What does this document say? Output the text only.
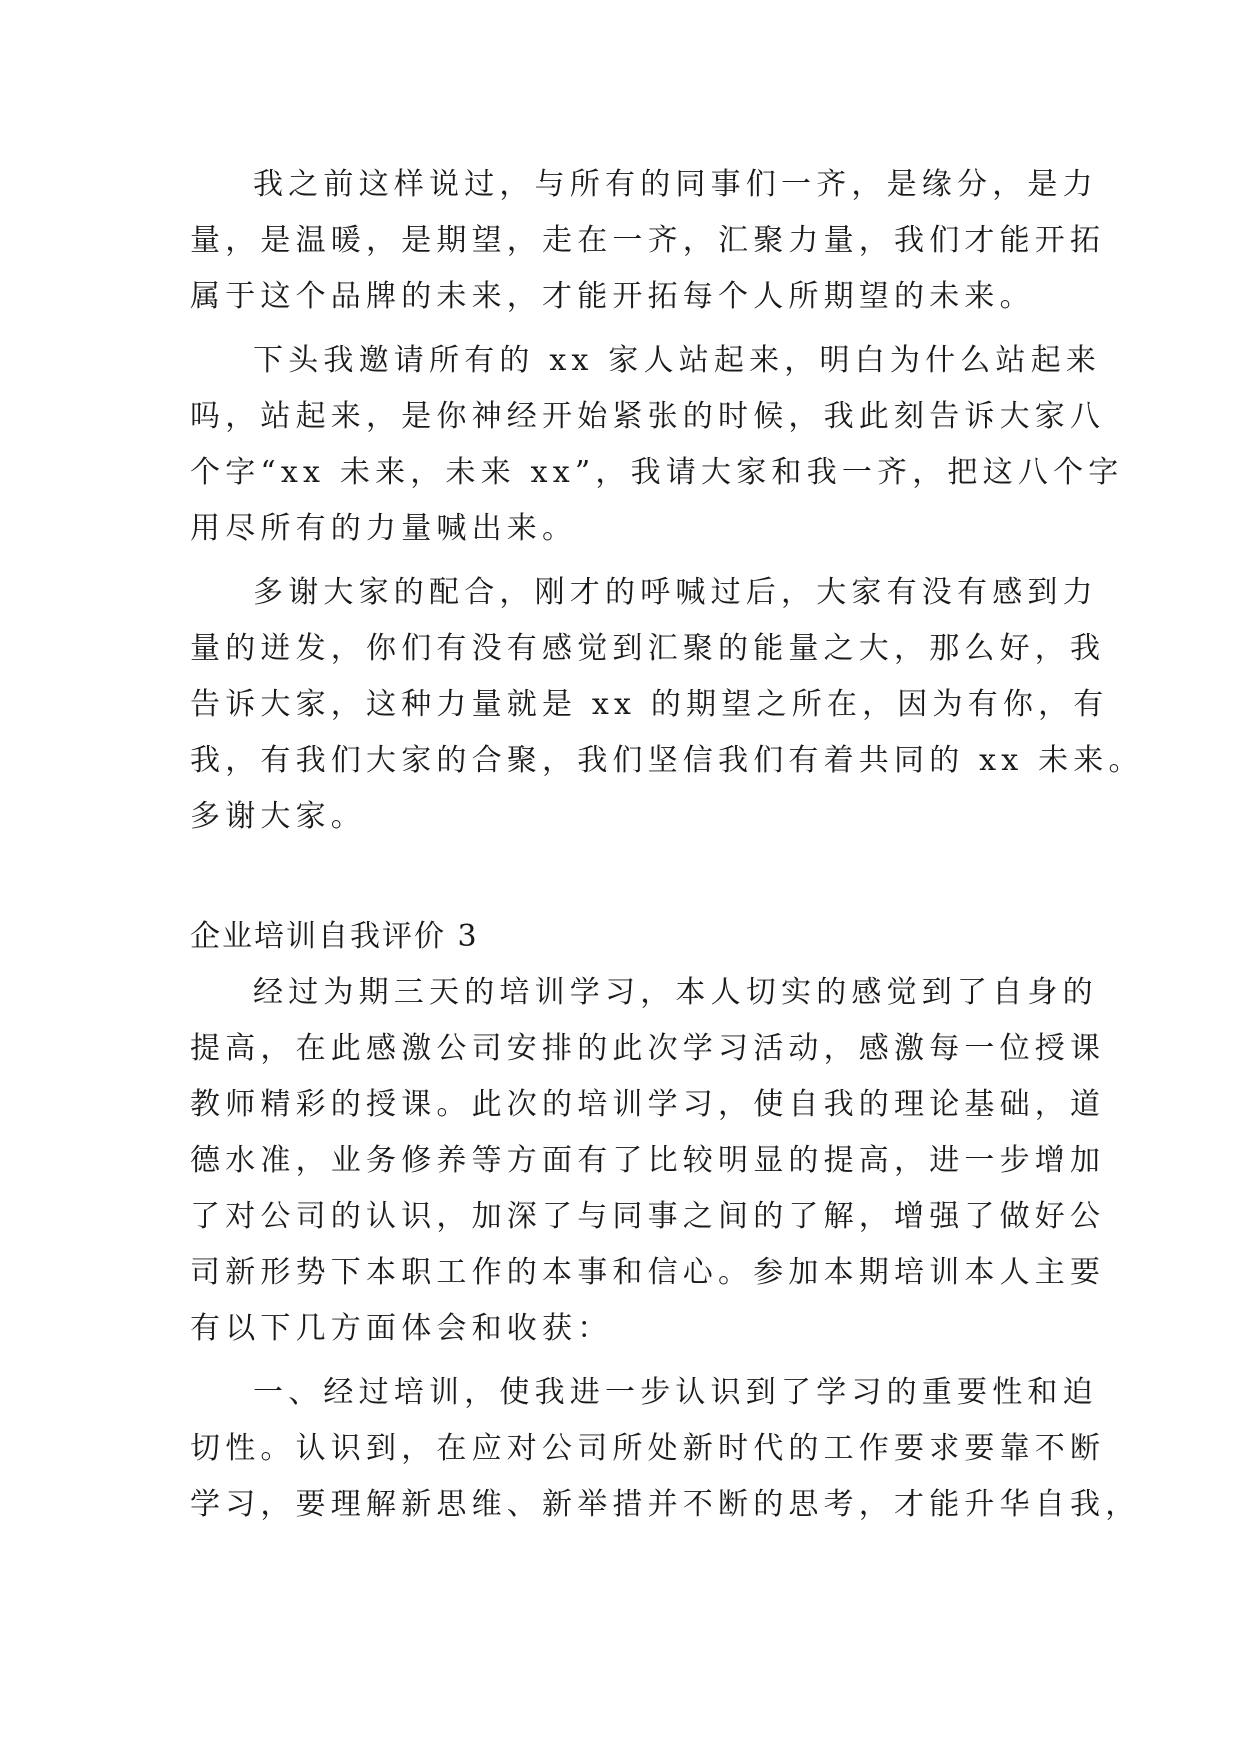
我之前这样说过，与所有的同事们一齐，是缘分，是力

量，是温暖，是期望，走在一齐，汇聚力量，我们才能开拓

属于这个品牌的未来，才能开拓每个人所期望的未来。

下头我邀请所有的 xx 家人站起来，明白为什么站起来

吗，站起来，是你神经开始紧张的时候，我此刻告诉大家八

个字“xx 未来，未来 xx”，我请大家和我一齐，把这八个字

用尽所有的力量喊出来。

多谢大家的配合，刚才的呼喊过后，大家有没有感到力

量的迸发，你们有没有感觉到汇聚的能量之大，那么好，我

告诉大家，这种力量就是 xx 的期望之所在，因为有你，有

我，有我们大家的合聚，我们坚信我们有着共同的 xx 未来。

多谢大家。

企业培训自我评价 3

经过为期三天的培训学习，本人切实的感觉到了自身的

提高，在此感激公司安排的此次学习活动，感激每一位授课

教师精彩的授课。此次的培训学习，使自我的理论基础，道

德水准，业务修养等方面有了比较明显的提高，进一步增加

了对公司的认识，加深了与同事之间的了解，增强了做好公

司新形势下本职工作的本事和信心。参加本期培训本人主要

有以下几方面体会和收获：

一、经过培训，使我进一步认识到了学习的重要性和迫

切性。认识到，在应对公司所处新时代的工作要求要靠不断

学习，要理解新思维、新举措并不断的思考，才能升华自我，
